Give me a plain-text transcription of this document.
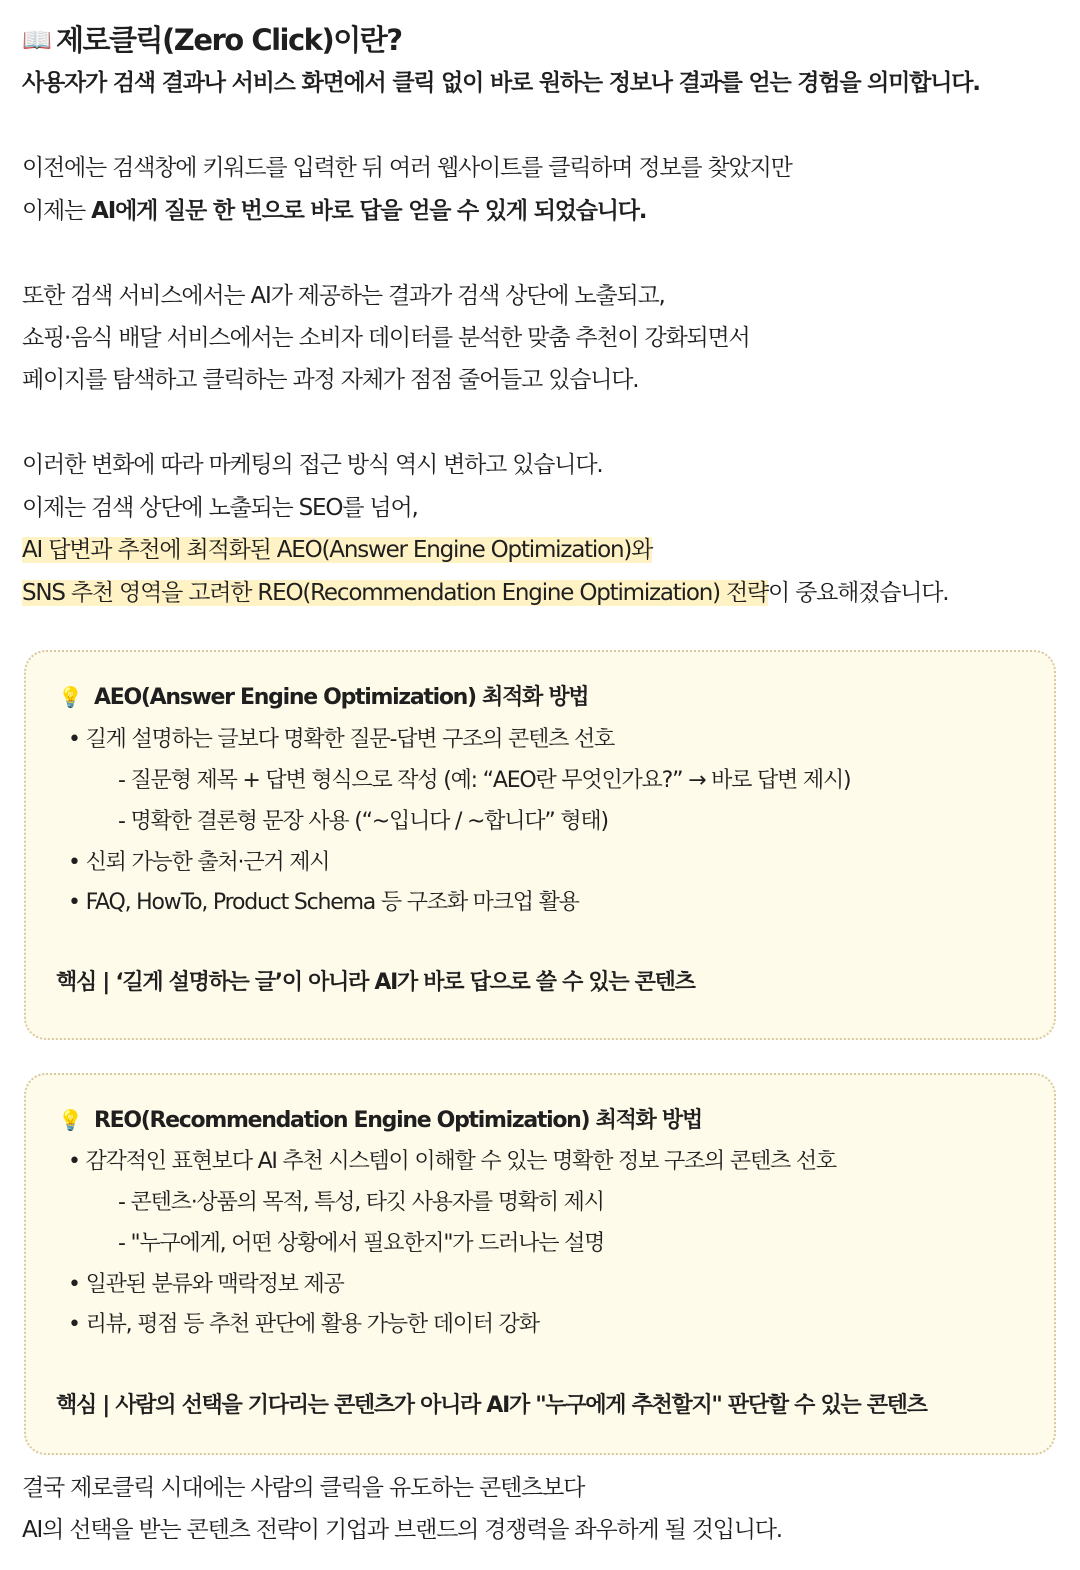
📖 제로클릭(Zero Click)이란?
사용자가 검색 결과나 서비스 화면에서 클릭 없이 바로 원하는 정보나 결과를 얻는 경험을 의미합니다.
이전에는 검색창에 키워드를 입력한 뒤 여러 웹사이트를 클릭하며 정보를 찾았지만
이제는 AI에게 질문 한 번으로 바로 답을 얻을 수 있게 되었습니다.
또한 검색 서비스에서는 AI가 제공하는 결과가 검색 상단에 노출되고,
쇼핑·음식 배달 서비스에서는 소비자 데이터를 분석한 맞춤 추천이 강화되면서
페이지를 탐색하고 클릭하는 과정 자체가 점점 줄어들고 있습니다.
이러한 변화에 따라 마케팅의 접근 방식 역시 변하고 있습니다.
이제는 검색 상단에 노출되는 SEO를 넘어,
AI 답변과 추천에 최적화된 AEO(Answer Engine Optimization)와
SNS 추천 영역을 고려한 REO(Recommendation Engine Optimization) 전략이 중요해졌습니다.
💡 AEO(Answer Engine Optimization) 최적화 방법
• 길게 설명하는 글보다 명확한 질문-답변 구조의 콘텐츠 선호
- 질문형 제목 + 답변 형식으로 작성 (예: “AEO란 무엇인가요?” → 바로 답변 제시)
- 명확한 결론형 문장 사용 (“~입니다 / ~합니다” 형태)
• 신뢰 가능한 출처·근거 제시
• FAQ, HowTo, Product Schema 등 구조화 마크업 활용
핵심 | ‘길게 설명하는 글’이 아니라 AI가 바로 답으로 쓸 수 있는 콘텐츠
💡 REO(Recommendation Engine Optimization) 최적화 방법
• 감각적인 표현보다 AI 추천 시스템이 이해할 수 있는 명확한 정보 구조의 콘텐츠 선호
- 콘텐츠·상품의 목적, 특성, 타깃 사용자를 명확히 제시
- "누구에게, 어떤 상황에서 필요한지"가 드러나는 설명
• 일관된 분류와 맥락정보 제공
• 리뷰, 평점 등 추천 판단에 활용 가능한 데이터 강화
핵심 | 사람의 선택을 기다리는 콘텐츠가 아니라 AI가 "누구에게 추천할지" 판단할 수 있는 콘텐츠
결국 제로클릭 시대에는 사람의 클릭을 유도하는 콘텐츠보다
AI의 선택을 받는 콘텐츠 전략이 기업과 브랜드의 경쟁력을 좌우하게 될 것입니다.
